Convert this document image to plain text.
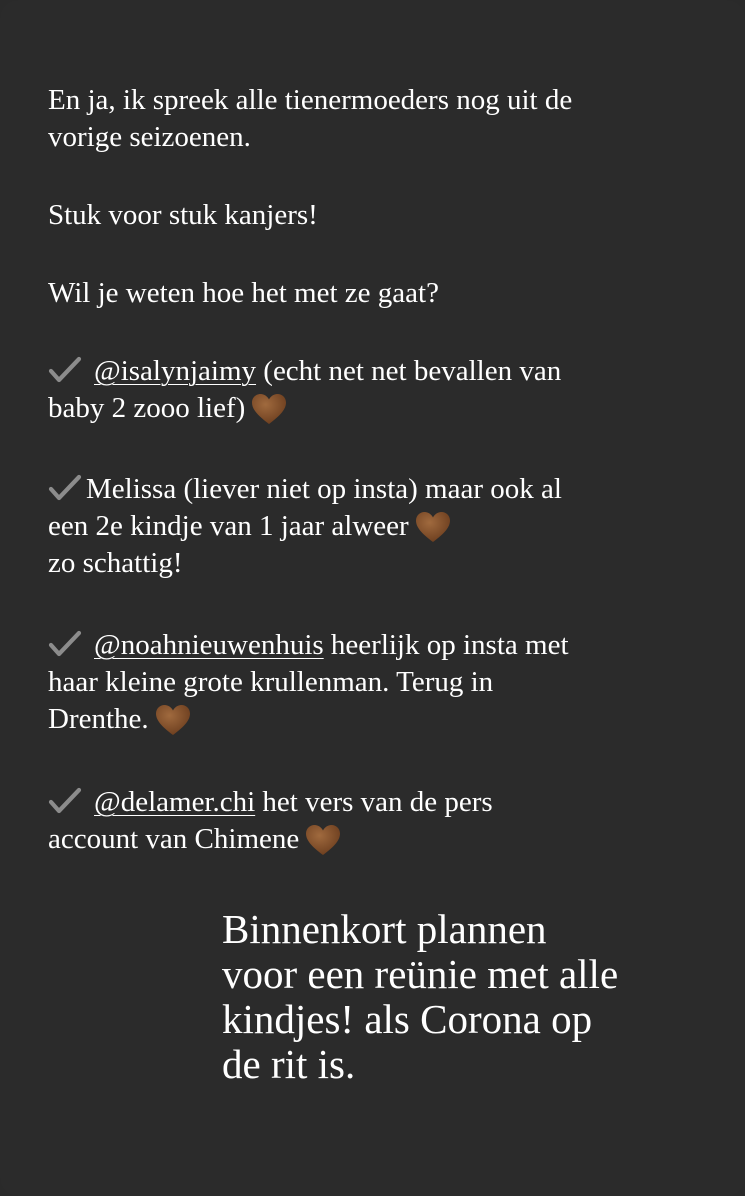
En ja, ik spreek alle tienermoeders nog uit de
vorige seizoenen.

Stuk voor stuk kanjers!

Wil je weten hoe het met ze gaat?

@isalynjaimy (echt net net bevallen van
baby 2 zooo lief)

Melissa (liever niet op insta) maar ook al
een 2e kindje van 1 jaar alweer
zo schattig!

@noahnieuwenhuis heerlijk op insta met
haar kleine grote krullenman. Terug in
Drenthe.

@delamer.chi het vers van de pers
account van Chimene

Binnenkort plannen
voor een reünie met alle
kindjes! als Corona op
de rit is.
